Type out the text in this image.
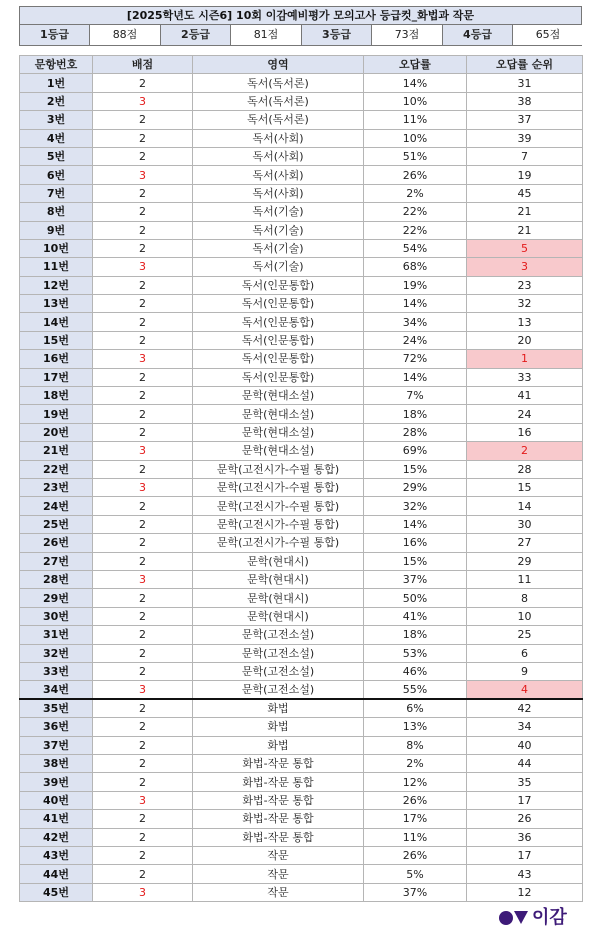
[2025학년도 시즌6] 10회 이감예비평가 모의고사 등급컷_화법과 작문
1등급	88점	2등급	81점	3등급	73점	4등급	65점
문항번호	배점	영역	오답률	오답률 순위
1번	2	독서(독서론)	14%	31
2번	3	독서(독서론)	10%	38
3번	2	독서(독서론)	11%	37
4번	2	독서(사회)	10%	39
5번	2	독서(사회)	51%	7
6번	3	독서(사회)	26%	19
7번	2	독서(사회)	2%	45
8번	2	독서(기술)	22%	21
9번	2	독서(기술)	22%	21
10번	2	독서(기술)	54%	5
11번	3	독서(기술)	68%	3
12번	2	독서(인문통합)	19%	23
13번	2	독서(인문통합)	14%	32
14번	2	독서(인문통합)	34%	13
15번	2	독서(인문통합)	24%	20
16번	3	독서(인문통합)	72%	1
17번	2	독서(인문통합)	14%	33
18번	2	문학(현대소설)	7%	41
19번	2	문학(현대소설)	18%	24
20번	2	문학(현대소설)	28%	16
21번	3	문학(현대소설)	69%	2
22번	2	문학(고전시가-수필 통합)	15%	28
23번	3	문학(고전시가-수필 통합)	29%	15
24번	2	문학(고전시가-수필 통합)	32%	14
25번	2	문학(고전시가-수필 통합)	14%	30
26번	2	문학(고전시가-수필 통합)	16%	27
27번	2	문학(현대시)	15%	29
28번	3	문학(현대시)	37%	11
29번	2	문학(현대시)	50%	8
30번	2	문학(현대시)	41%	10
31번	2	문학(고전소설)	18%	25
32번	2	문학(고전소설)	53%	6
33번	2	문학(고전소설)	46%	9
34번	3	문학(고전소설)	55%	4
35번	2	화법	6%	42
36번	2	화법	13%	34
37번	2	화법	8%	40
38번	2	화법-작문 통합	2%	44
39번	2	화법-작문 통합	12%	35
40번	3	화법-작문 통합	26%	17
41번	2	화법-작문 통합	17%	26
42번	2	화법-작문 통합	11%	36
43번	2	작문	26%	17
44번	2	작문	5%	43
45번	3	작문	37%	12
이감
